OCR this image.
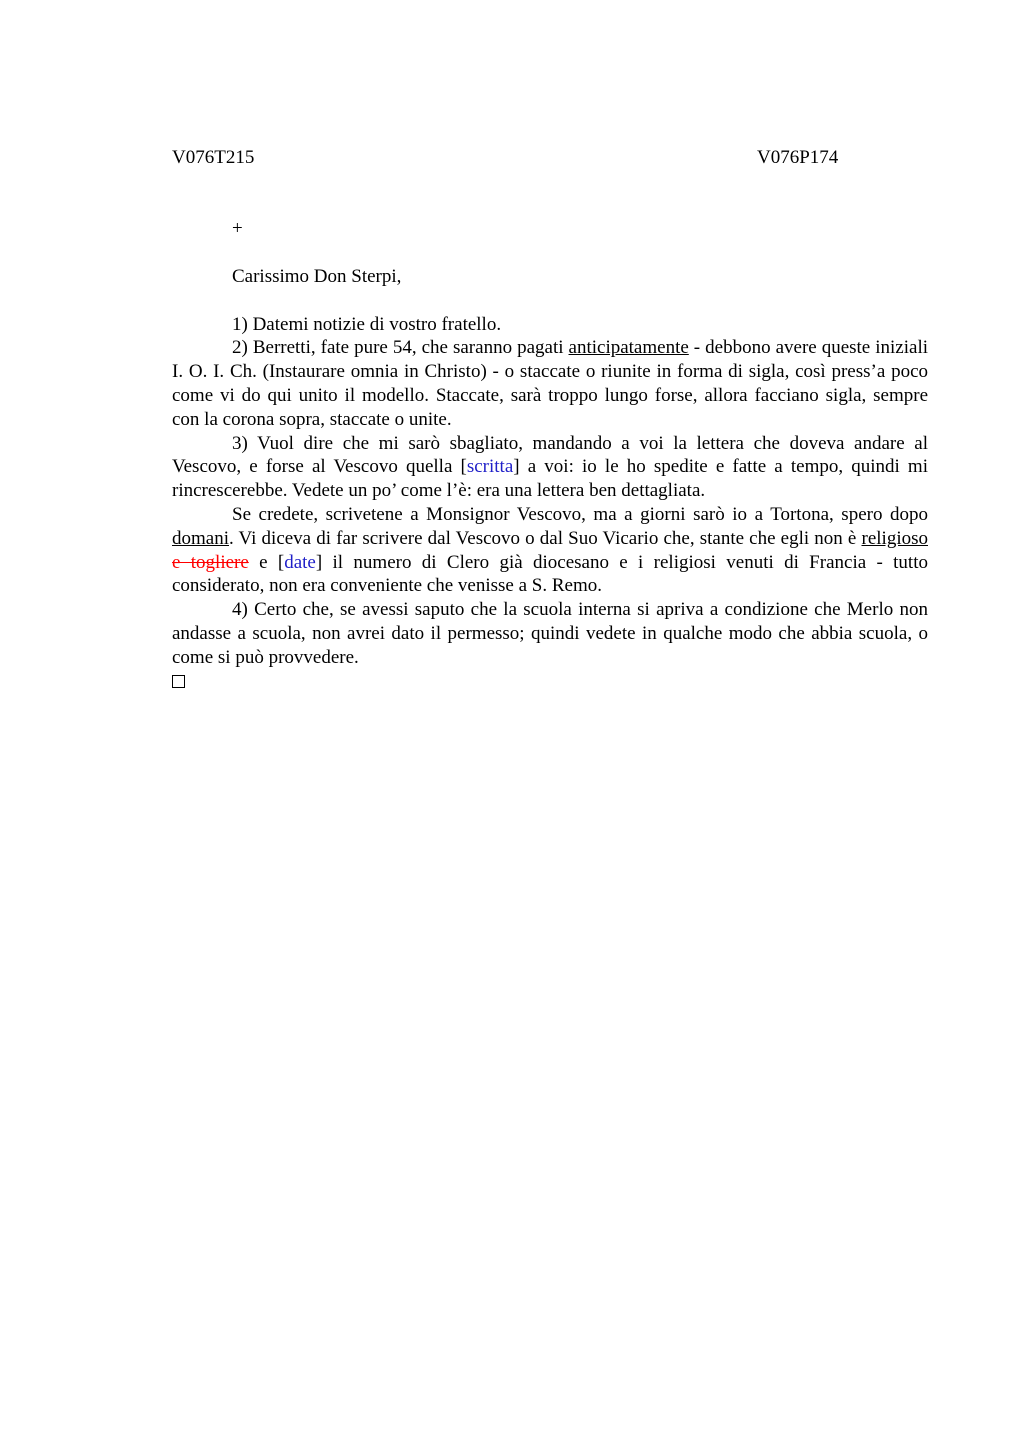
V076T215	V076P174

+

Carissimo Don Sterpi,

1) Datemi notizie di vostro fratello.

2) Berretti, fate pure 54, che saranno pagati anticipatamente - debbono avere queste iniziali I. O. I. Ch. (Instaurare omnia in Christo) - o staccate o riunite in forma di sigla, così press’a poco come vi do qui unito il modello. Staccate, sarà troppo lungo forse, allora facciano sigla, sempre con la corona sopra, staccate o unite.

3) Vuol dire che mi sarò sbagliato, mandando a voi la lettera che doveva andare al Vescovo, e forse al Vescovo quella [scritta] a voi: io le ho spedite e fatte a tempo, quindi mi rincrescerebbe. Vedete un po’ come l’è: era una lettera ben dettagliata.

Se credete, scrivetene a Monsignor Vescovo, ma a giorni sarò io a Tortona, spero dopo domani. Vi diceva di far scrivere dal Vescovo o dal Suo Vicario che, stante che egli non è religioso e togliere e [date] il numero di Clero già diocesano e i religiosi venuti di Francia - tutto considerato, non era conveniente che venisse a S. Remo.

4) Certo che, se avessi saputo che la scuola interna si apriva a condizione che Merlo non andasse a scuola, non avrei dato il permesso; quindi vedete in qualche modo che abbia scuola, o come si può provvedere.
